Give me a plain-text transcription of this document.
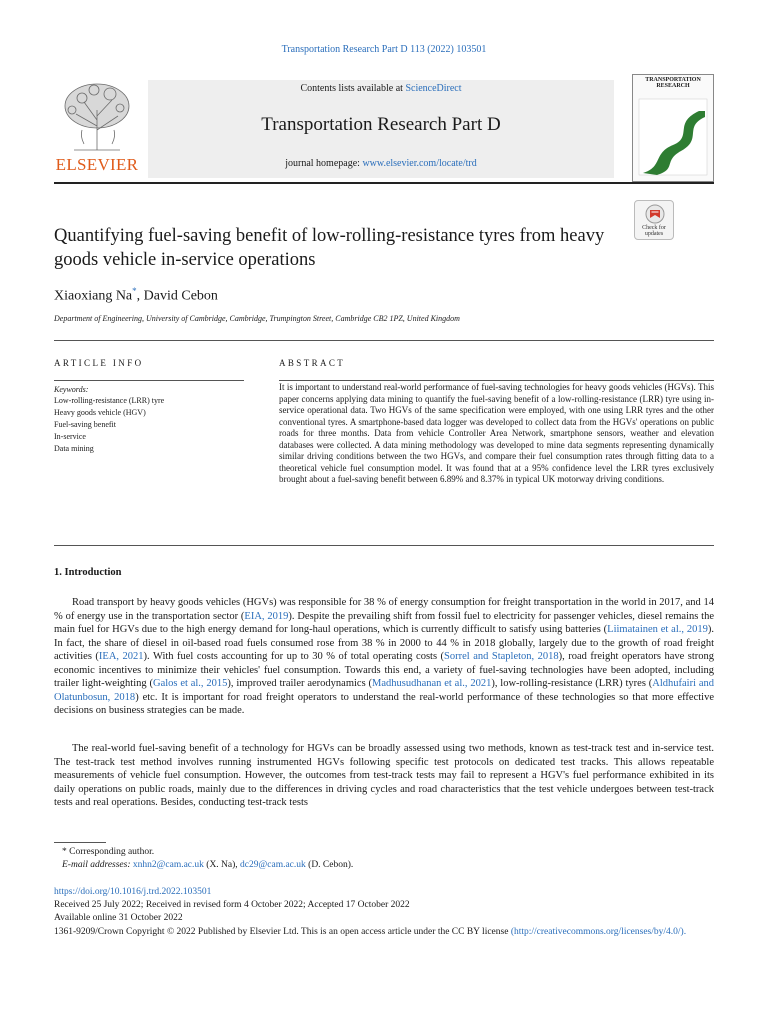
Transportation Research Part D 113 (2022) 103501
ELSEVIER
Contents lists available at ScienceDirect
Transportation Research Part D
journal homepage: www.elsevier.com/locate/trd
TRANSPORTATION RESEARCH
Check for updates
Quantifying fuel-saving benefit of low-rolling-resistance tyres from heavy goods vehicle in-service operations
Xiaoxiang Na*, David Cebon
Department of Engineering, University of Cambridge, Cambridge, Trumpington Street, Cambridge CB2 1PZ, United Kingdom
ARTICLE INFO
Keywords:
Low-rolling-resistance (LRR) tyre
Heavy goods vehicle (HGV)
Fuel-saving benefit
In-service
Data mining
ABSTRACT
It is important to understand real-world performance of fuel-saving technologies for heavy goods vehicles (HGVs). This paper concerns applying data mining to quantify the fuel-saving benefit of a low-rolling-resistance (LRR) tyre using in-service operational data. Two HGVs of the same specification were employed, with one using LRR tyres and the other conventional tyres. A smartphone-based data logger was developed to collect data from the HGVs' operations on public roads for three months. Data from vehicle Controller Area Network, smartphone sensors, weather and elevation databases were collected. A data mining methodology was developed to mine data segments representing dynamically similar driving conditions between the two HGVs, and compare their fuel consumption rates through fitting data to a theoretical vehicle fuel consumption model. It was found that at a 95% confidence level the LRR tyres exclusively brought about a fuel-saving benefit between 6.89% and 8.37% in typical UK motorway driving conditions.
1. Introduction
Road transport by heavy goods vehicles (HGVs) was responsible for 38 % of energy consumption for freight transportation in the world in 2017, and 14 % of energy use in the transportation sector (EIA, 2019). Despite the prevailing shift from fossil fuel to electricity for passenger vehicles, diesel remains the main fuel for HGVs due to the high energy demand for long-haul operations, which is currently difficult to satisfy using batteries (Liimatainen et al., 2019). In fact, the share of diesel in oil-based road fuels consumed rose from 38 % in 2000 to 44 % in 2018 globally, largely due to the growth of road freight activities (IEA, 2021). With fuel costs accounting for up to 30 % of total operating costs (Sorrel and Stapleton, 2018), road freight operators have strong economic incentives to minimize their vehicles' fuel consumption. Towards this end, a variety of fuel-saving technologies have been adopted, including trailer light-weighting (Galos et al., 2015), improved trailer aerodynamics (Madhusudhanan et al., 2021), low-rolling-resistance (LRR) tyres (Aldhufairi and Olatunbosun, 2018) etc. It is important for road freight operators to understand the real-world performance of these technologies so that more effective decisions on business strategies can be made.
The real-world fuel-saving benefit of a technology for HGVs can be broadly assessed using two methods, known as test-track test and in-service test. The test-track test method involves running instrumented HGVs following specific test protocols on dedicated test tracks. This allows repeatable measurements of vehicle fuel consumption. However, the outcomes from test-track tests may fail to represent a HGV's fuel performance exhibited in its daily operations on public roads, mainly due to the differences in driving cycles and road characteristics that the test vehicle undergoes between test-track tests and real operations. Besides, conducting test-track tests
* Corresponding author.
E-mail addresses: xnhn2@cam.ac.uk (X. Na), dc29@cam.ac.uk (D. Cebon).
https://doi.org/10.1016/j.trd.2022.103501
Received 25 July 2022; Received in revised form 4 October 2022; Accepted 17 October 2022
Available online 31 October 2022
1361-9209/Crown Copyright © 2022 Published by Elsevier Ltd. This is an open access article under the CC BY license (http://creativecommons.org/licenses/by/4.0/).
